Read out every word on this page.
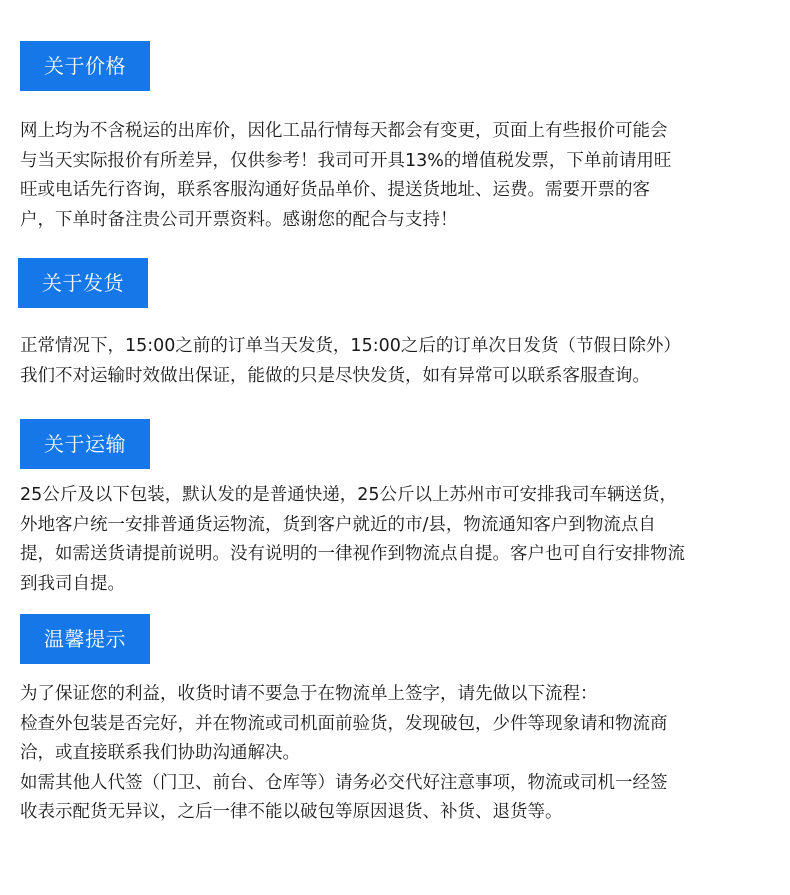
关于价格
网上均为不含税运的出库价，因化工品行情每天都会有变更，页面上有些报价可能会
与当天实际报价有所差异，仅供参考！我司可开具13%的增值税发票，下单前请用旺
旺或电话先行咨询，联系客服沟通好货品单价、提送货地址、运费。需要开票的客
户，下单时备注贵公司开票资料。感谢您的配合与支持！
关于发货
正常情况下，15:00之前的订单当天发货，15:00之后的订单次日发货（节假日除外）
我们不对运输时效做出保证，能做的只是尽快发货，如有异常可以联系客服查询。
关于运输
25公斤及以下包装，默认发的是普通快递，25公斤以上苏州市可安排我司车辆送货，
外地客户统一安排普通货运物流，货到客户就近的市/县，物流通知客户到物流点自
提，如需送货请提前说明。没有说明的一律视作到物流点自提。客户也可自行安排物流
到我司自提。
温馨提示
为了保证您的利益，收货时请不要急于在物流单上签字，请先做以下流程：
检查外包装是否完好，并在物流或司机面前验货，发现破包，少件等现象请和物流商
洽，或直接联系我们协助沟通解决。
如需其他人代签（门卫、前台、仓库等）请务必交代好注意事项，物流或司机一经签
收表示配货无异议，之后一律不能以破包等原因退货、补货、退货等。
